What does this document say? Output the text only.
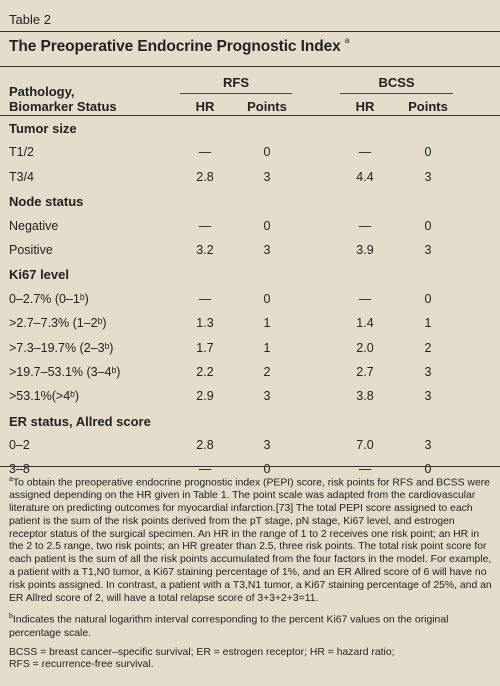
Table 2
The Preoperative Endocrine Prognostic Index $^a$
Pathology,
Biomarker Status
RFS	BCSS
HR	Points	HR	Points
Tumor size
T1/2	—	0	—	0
T3/4	2.8	3	4.4	3
Node status
Negative	—	0	—	0
Positive	3.2	3	3.9	3
Ki67 level
0–2.7% (0–1ᵇ)	—	0	—	0
>2.7–7.3% (1–2ᵇ)	1.3	1	1.4	1
>7.3–19.7% (2–3ᵇ)	1.7	1	2.0	2
>19.7–53.1% (3–4ᵇ)	2.2	2	2.7	3
>53.1%(>4ᵇ)	2.9	3	3.8	3
ER status, Allred score
0–2	2.8	3	7.0	3
3–8	—	0	—	0

$^a$To obtain the preoperative endocrine prognostic index (PEPI) score, risk points for RFS and BCSS were assigned depending on the HR given in Table 1. The point scale was adapted from the cardiovascular literature on predicting outcomes for myocardial infarction.[73] The total PEPI score assigned to each patient is the sum of the risk points derived from the pT stage, pN stage, Ki67 level, and estrogen receptor status of the surgical specimen. An HR in the range of 1 to 2 receives one risk point; an HR in the 2 to 2.5 range, two risk points; an HR greater than 2.5, three risk points. The total risk point score for each patient is the sum of all the risk points accumulated from the four factors in the model. For example, a patient with a T1,N0 tumor, a Ki67 staining percentage of 1%, and an ER Allred score of 6 will have no risk points assigned. In contrast, a patient with a T3,N1 tumor, a Ki67 staining percentage of 25%, and an ER Allred score of 2, will have a total relapse score of 3+3+2+3=11.

$^b$Indicates the natural logarithm interval corresponding to the percent Ki67 values on the original percentage scale.

BCSS = breast cancer–specific survival; ER = estrogen receptor; HR = hazard ratio;
RFS = recurrence-free survival.
